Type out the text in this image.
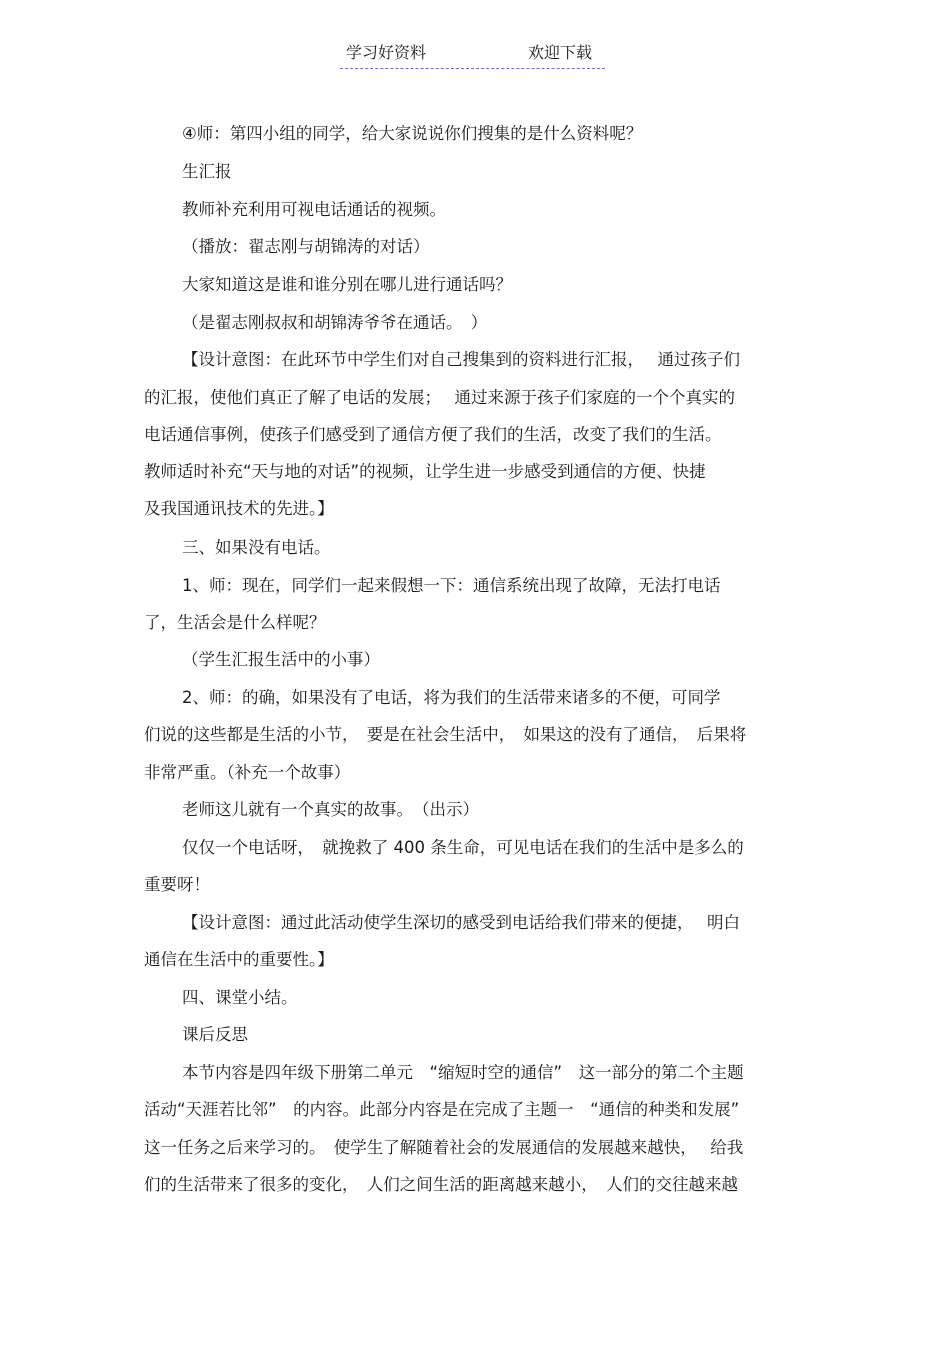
学习好资料	欢迎下载
④师：第四小组的同学，给大家说说你们搜集的是什么资料呢？
生汇报
教师补充利用可视电话通话的视频。
（播放：翟志刚与胡锦涛的对话）
大家知道这是谁和谁分别在哪儿进行通话吗？
（是翟志刚叔叔和胡锦涛爷爷在通话。　）
【设计意图：在此环节中学生们对自己搜集到的资料进行汇报，　 通过孩子们
的汇报，使他们真正了解了电话的发展；　 通过来源于孩子们家庭的一个个真实的
电话通信事例，使孩子们感受到了通信方便了我们的生活，改变了我们的生活。
教师适时补充“天与地的对话”的视频，让学生进一步感受到通信的方便、快捷
及我国通讯技术的先进。】
三、如果没有电话。
1、师：现在，同学们一起来假想一下：通信系统出现了故障，无法打电话
了，生活会是什么样呢？
（学生汇报生活中的小事）
2、师：的确，如果没有了电话，将为我们的生活带来诸多的不便，可同学
们说的这些都是生活的小节，　要是在社会生活中，　如果这的没有了通信，　后果将
非常严重。（补充一个故事）
老师这儿就有一个真实的故事。　（出示）
仅仅一个电话呀，　就挽救了 400 条生命，可见电话在我们的生活中是多么的
重要呀！
【设计意图：通过此活动使学生深切的感受到电话给我们带来的便捷，　 明白
通信在生活中的重要性。】
四、课堂小结。
课后反思
本节内容是四年级下册第二单元　“缩短时空的通信”　这一部分的第二个主题
活动“天涯若比邻”　的内容。此部分内容是在完成了主题一　“通信的种类和发展”
这一任务之后来学习的。　使学生了解随着社会的发展通信的发展越来越快，　 给我
们的生活带来了很多的变化，　人们之间生活的距离越来越小，　人们的交往越来越
